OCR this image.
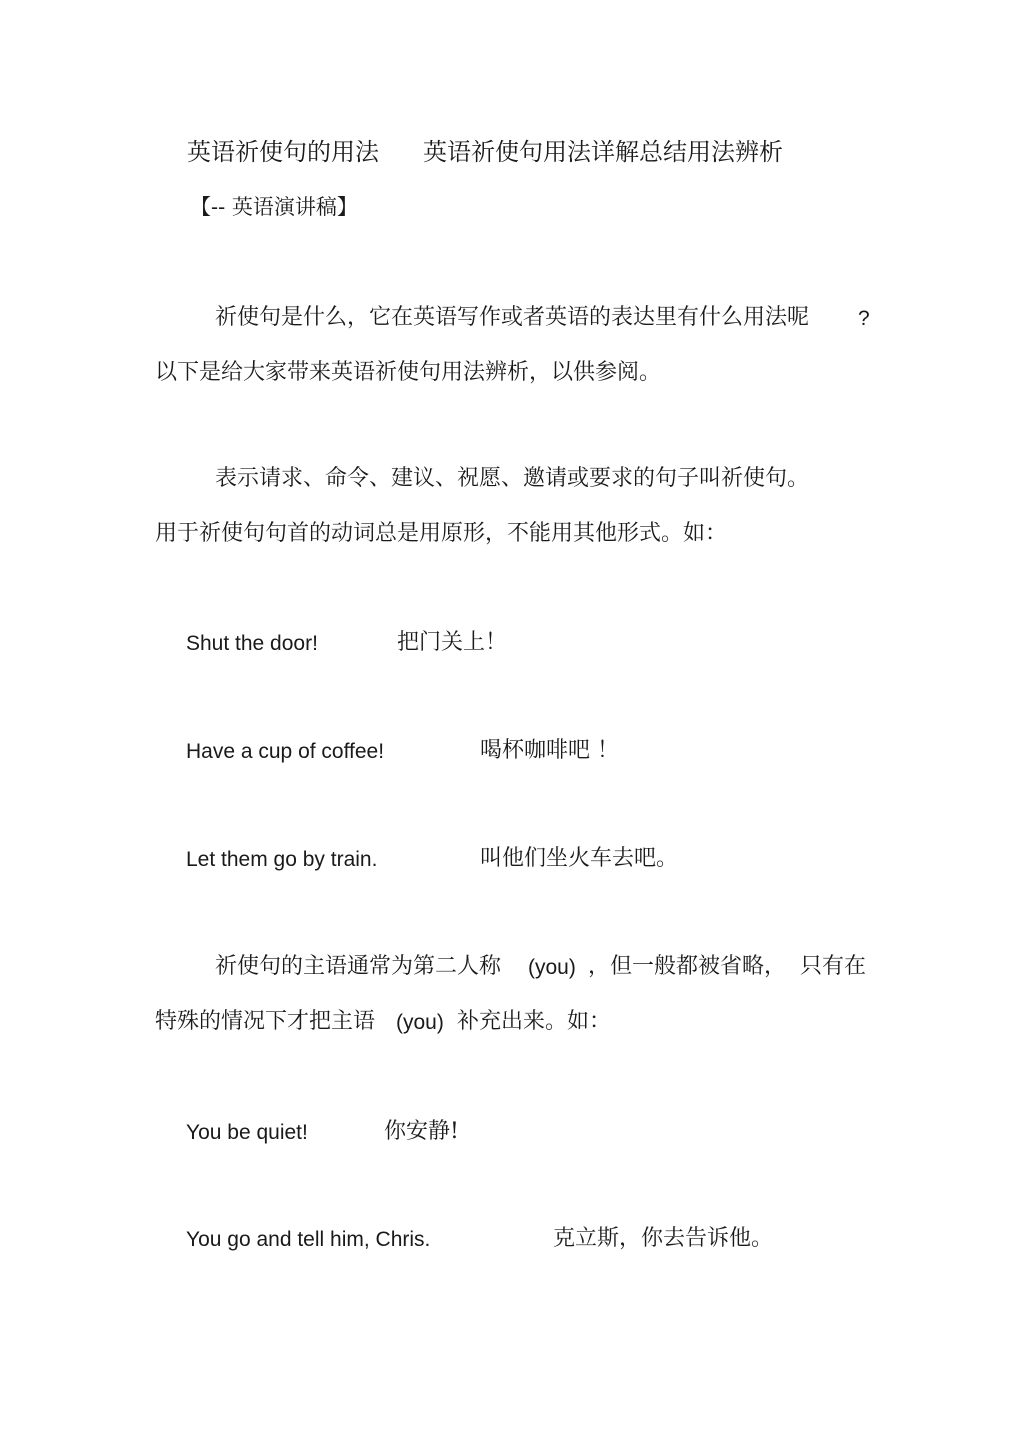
英语祈使句的用法 英语祈使句用法详解总结用法辨析
【-- 英语演讲稿】
祈使句是什么，它在英语写作或者英语的表达里有什么用法呢 ?
以下是给大家带来英语祈使句用法辨析，以供参阅。
表示请求、命令、建议、祝愿、邀请或要求的句子叫祈使句。
用于祈使句句首的动词总是用原形，不能用其他形式。如：
Shut the door!	把门关上！
Have a cup of coffee!	喝杯咖啡吧 ！
Let them go by train.	叫他们坐火车去吧。
祈使句的主语通常为第二人称 (you) ，但一般都被省略， 只有在
特殊的情况下才把主语 (you) 补充出来。如：
You be quiet!	你安静!
You go and tell him, Chris.	克立斯，你去告诉他。
